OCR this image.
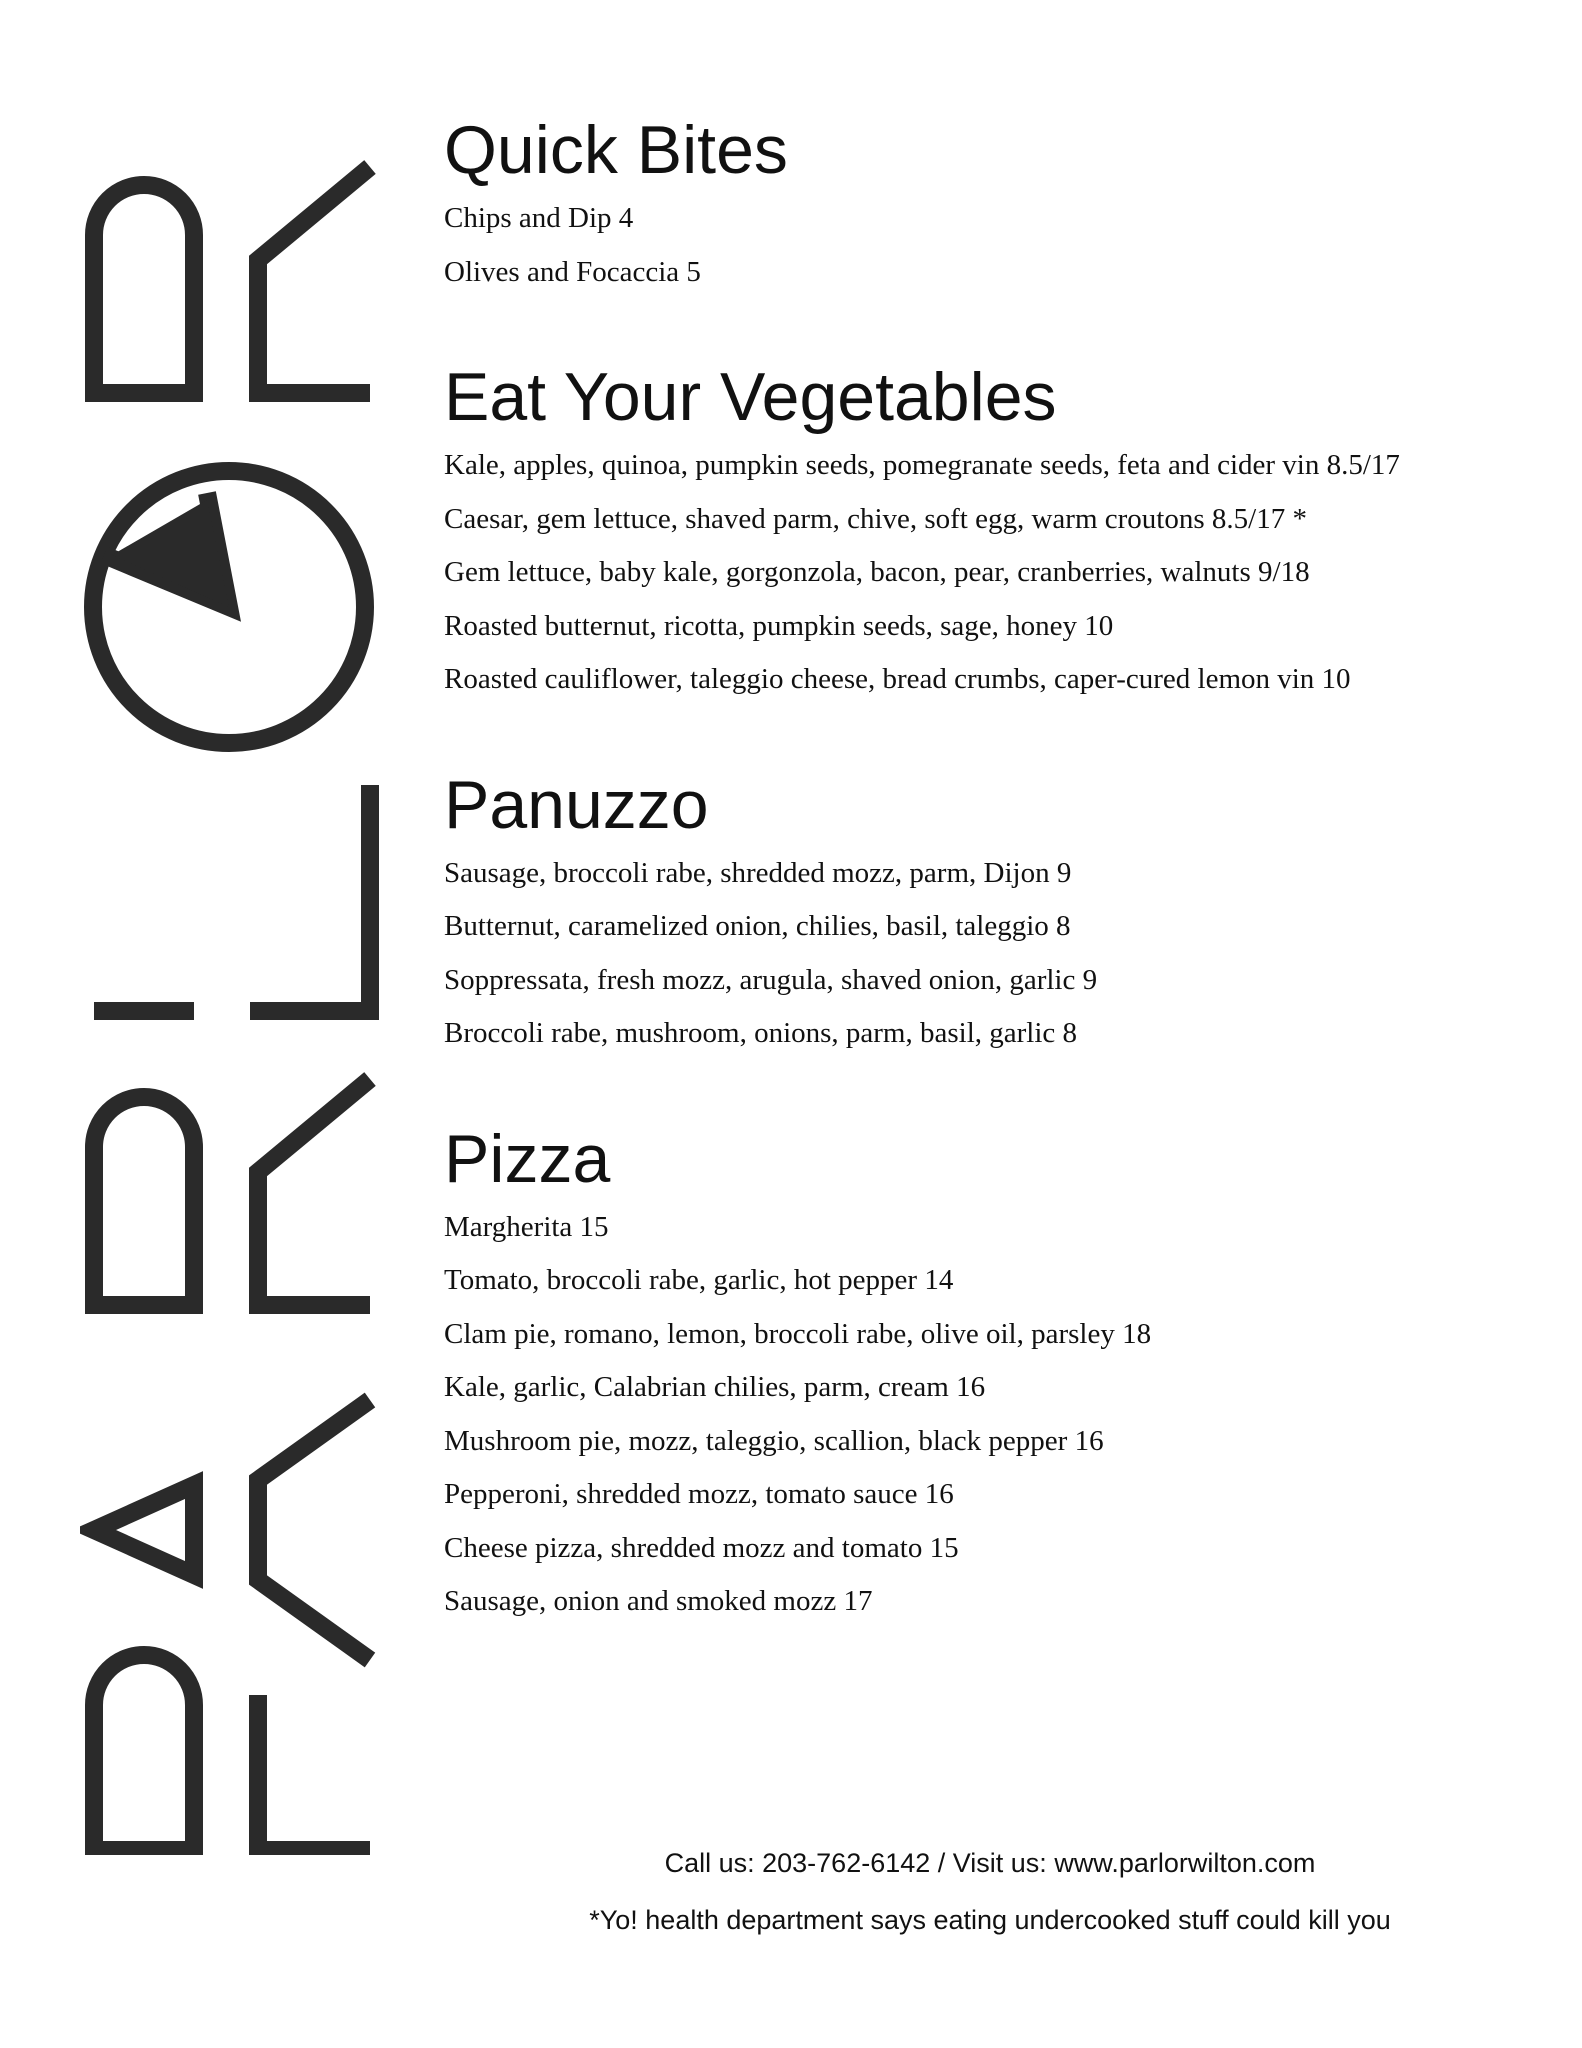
Quick Bites

Chips and Dip 4

Olives and Focaccia 5

Eat Your Vegetables

Kale, apples, quinoa, pumpkin seeds, pomegranate seeds, feta and cider vin 8.5/17

Caesar, gem lettuce, shaved parm, chive, soft egg, warm croutons 8.5/17 *

Gem lettuce, baby kale, gorgonzola, bacon, pear, cranberries, walnuts 9/18

Roasted butternut, ricotta, pumpkin seeds, sage, honey 10

Roasted cauliflower, taleggio cheese, bread crumbs, caper-cured lemon vin 10

Panuzzo

Sausage, broccoli rabe, shredded mozz, parm, Dijon 9

Butternut, caramelized onion, chilies, basil, taleggio 8

Soppressata, fresh mozz, arugula, shaved onion, garlic 9

Broccoli rabe, mushroom, onions, parm, basil, garlic 8

Pizza

Margherita 15

Tomato, broccoli rabe, garlic, hot pepper 14

Clam pie, romano, lemon, broccoli rabe, olive oil, parsley 18

Kale, garlic, Calabrian chilies, parm, cream 16

Mushroom pie, mozz, taleggio, scallion, black pepper 16

Pepperoni, shredded mozz, tomato sauce 16

Cheese pizza, shredded mozz and tomato 15

Sausage, onion and smoked mozz 17

Call us: 203-762-6142 / Visit us: www.parlorwilton.com

*Yo! health department says eating undercooked stuff could kill you
